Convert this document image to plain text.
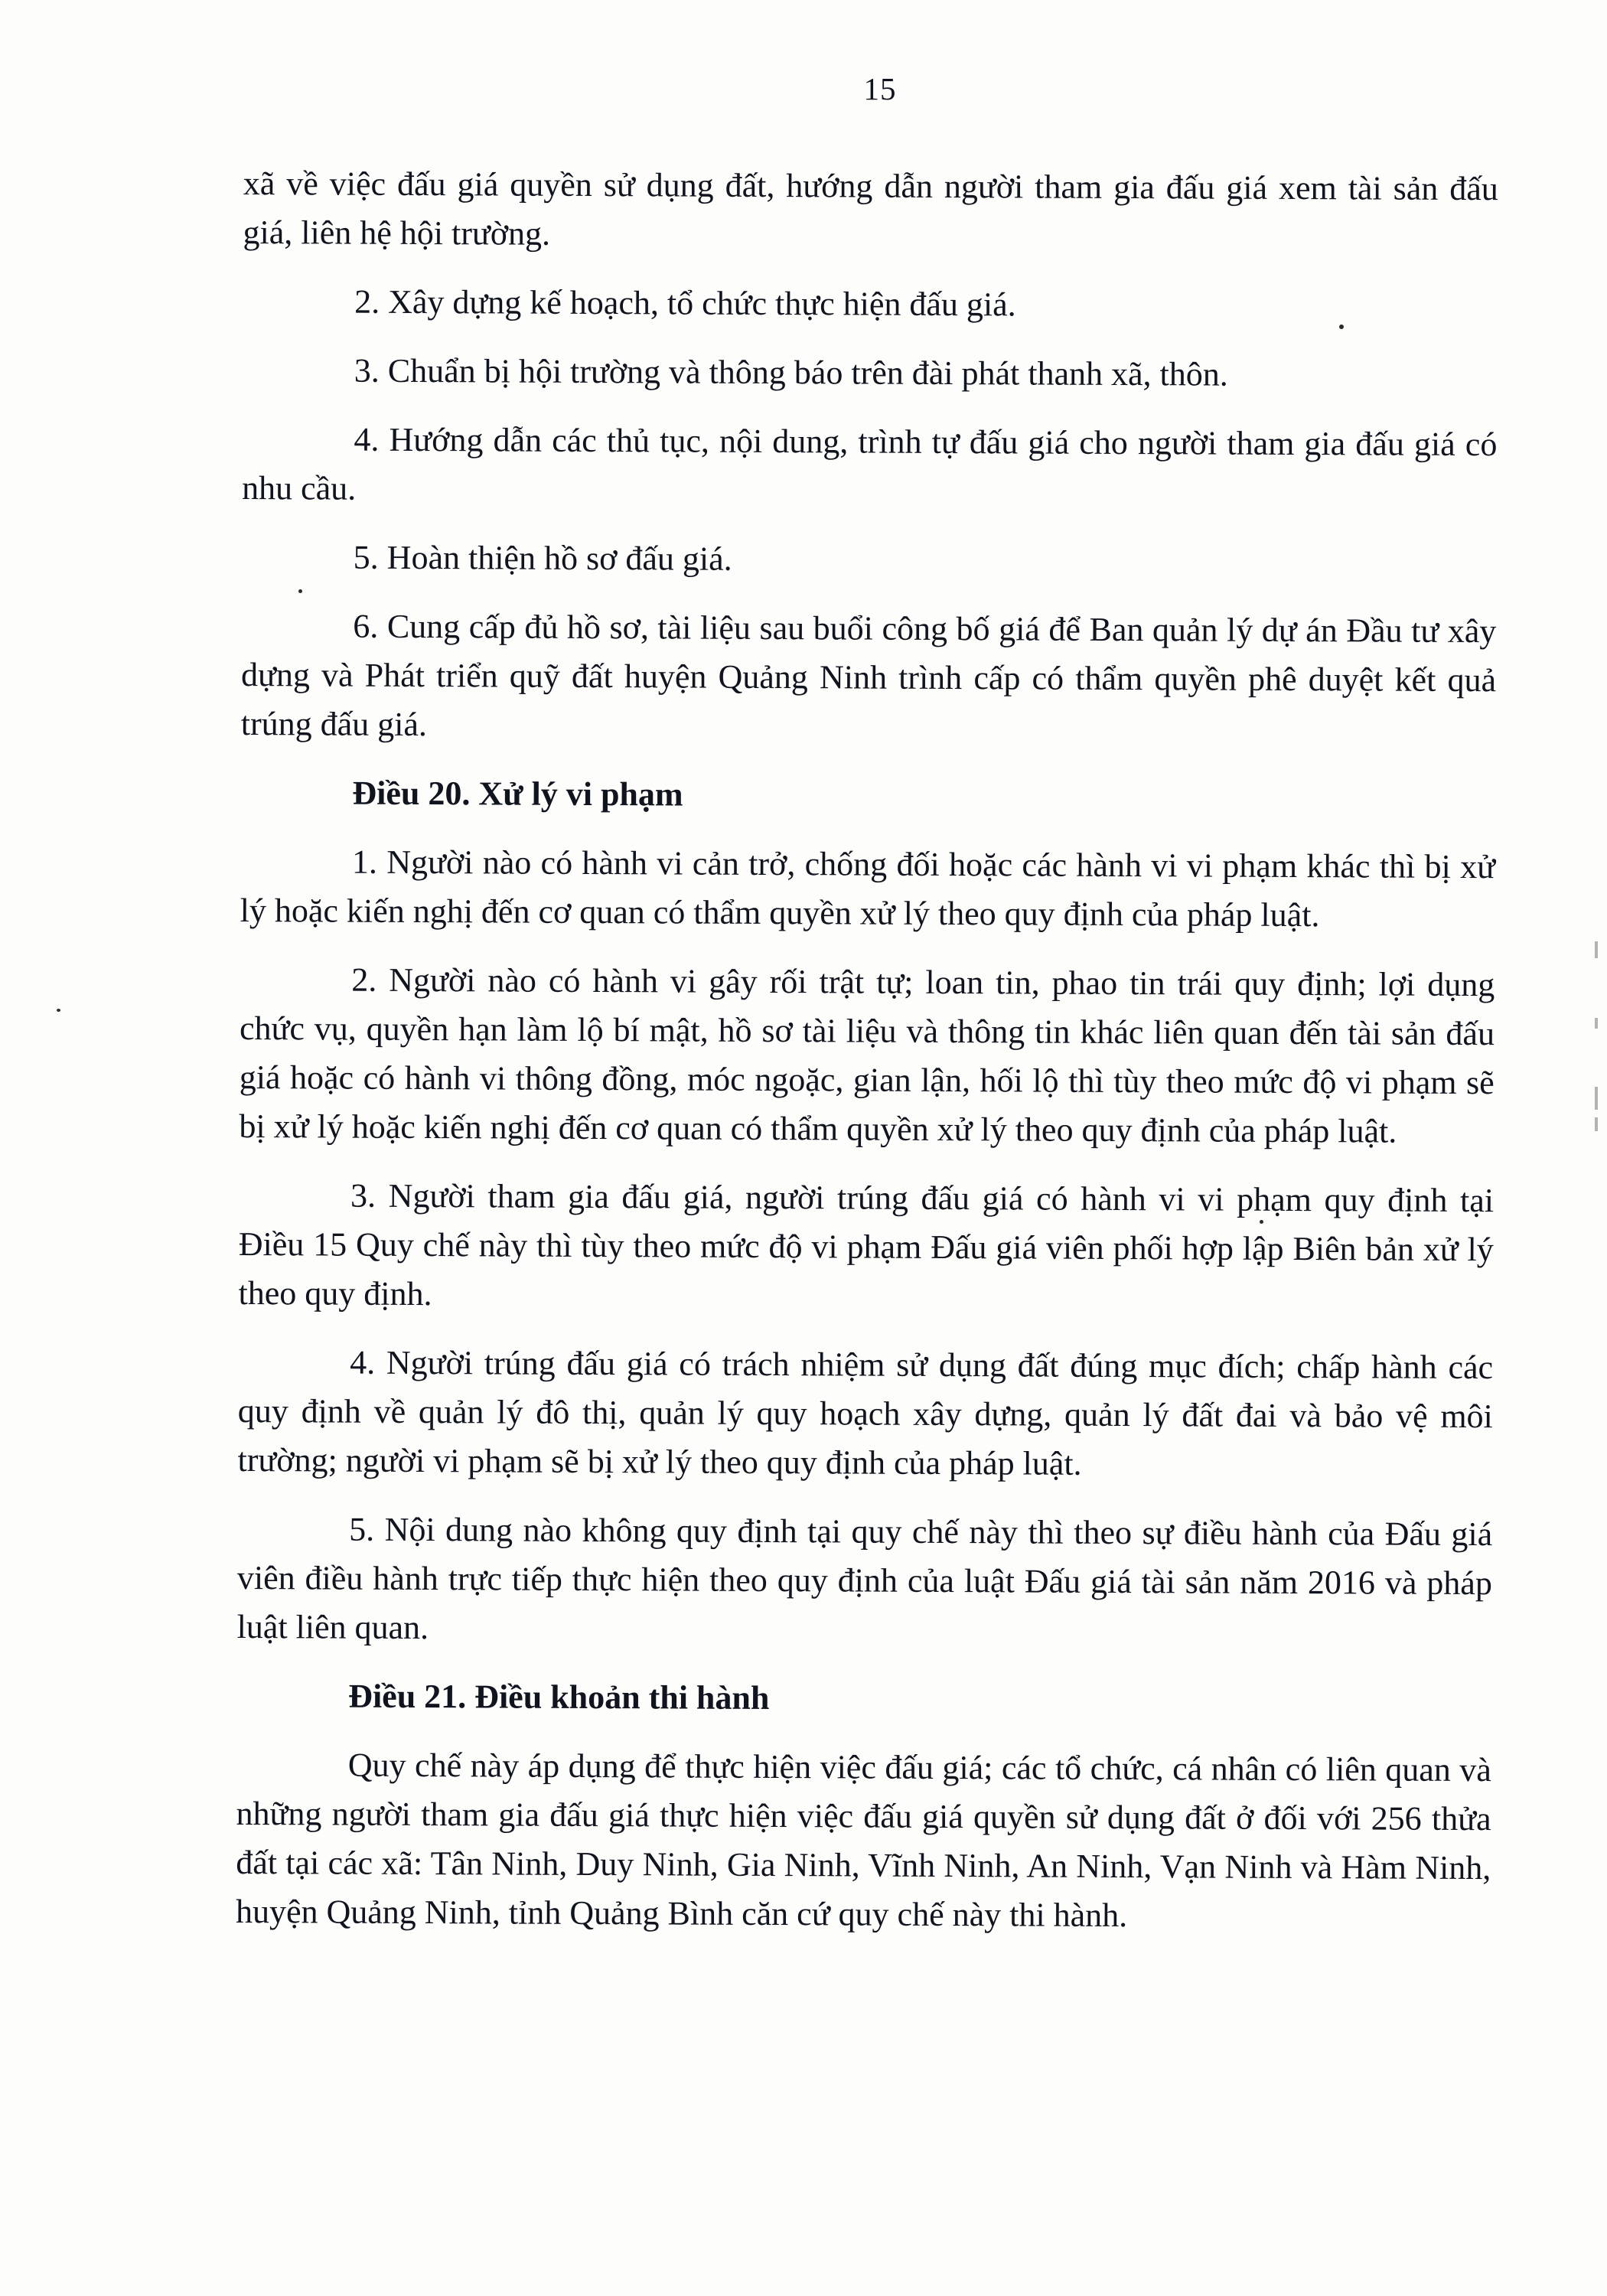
15

xã về việc đấu giá quyền sử dụng đất, hướng dẫn người tham gia đấu giá xem tài sản đấu giá, liên hệ hội trường.

2. Xây dựng kế hoạch, tổ chức thực hiện đấu giá.

3. Chuẩn bị hội trường và thông báo trên đài phát thanh xã, thôn.

4. Hướng dẫn các thủ tục, nội dung, trình tự đấu giá cho người tham gia đấu giá có nhu cầu.

5. Hoàn thiện hồ sơ đấu giá.

6. Cung cấp đủ hồ sơ, tài liệu sau buổi công bố giá để Ban quản lý dự án Đầu tư xây dựng và Phát triển quỹ đất huyện Quảng Ninh trình cấp có thẩm quyền phê duyệt kết quả trúng đấu giá.

Điều 20. Xử lý vi phạm

1. Người nào có hành vi cản trở, chống đối hoặc các hành vi vi phạm khác thì bị xử lý hoặc kiến nghị đến cơ quan có thẩm quyền xử lý theo quy định của pháp luật.

2. Người nào có hành vi gây rối trật tự; loan tin, phao tin trái quy định; lợi dụng chức vụ, quyền hạn làm lộ bí mật, hồ sơ tài liệu và thông tin khác liên quan đến tài sản đấu giá hoặc có hành vi thông đồng, móc ngoặc, gian lận, hối lộ thì tùy theo mức độ vi phạm sẽ bị xử lý hoặc kiến nghị đến cơ quan có thẩm quyền xử lý theo quy định của pháp luật.

3. Người tham gia đấu giá, người trúng đấu giá có hành vi vi phạm quy định tại Điều 15 Quy chế này thì tùy theo mức độ vi phạm Đấu giá viên phối hợp lập Biên bản xử lý theo quy định.

4. Người trúng đấu giá có trách nhiệm sử dụng đất đúng mục đích; chấp hành các quy định về quản lý đô thị, quản lý quy hoạch xây dựng, quản lý đất đai và bảo vệ môi trường; người vi phạm sẽ bị xử lý theo quy định của pháp luật.

5. Nội dung nào không quy định tại quy chế này thì theo sự điều hành của Đấu giá viên điều hành trực tiếp thực hiện theo quy định của luật Đấu giá tài sản năm 2016 và pháp luật liên quan.

Điều 21. Điều khoản thi hành

Quy chế này áp dụng để thực hiện việc đấu giá; các tổ chức, cá nhân có liên quan và những người tham gia đấu giá thực hiện việc đấu giá quyền sử dụng đất ở đối với 256 thửa đất tại các xã: Tân Ninh, Duy Ninh, Gia Ninh, Vĩnh Ninh, An Ninh, Vạn Ninh và Hàm Ninh, huyện Quảng Ninh, tỉnh Quảng Bình căn cứ quy chế này thi hành.
